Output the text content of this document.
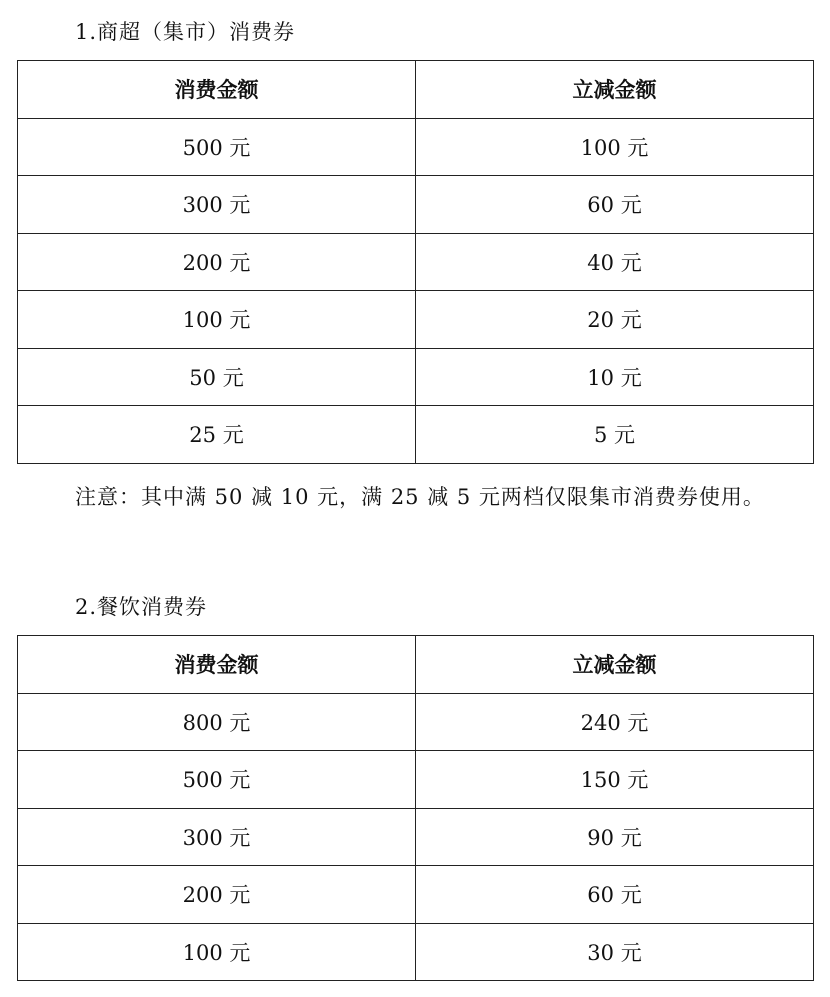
1.商超（集市）消费券
消费金额	立减金额
500 元	100 元
300 元	60 元
200 元	40 元
100 元	20 元
50 元	10 元
25 元	5 元
注意：其中满 50 减 10 元，满 25 减 5 元两档仅限集市消费券使用。
2.餐饮消费券
消费金额	立减金额
800 元	240 元
500 元	150 元
300 元	90 元
200 元	60 元
100 元	30 元
